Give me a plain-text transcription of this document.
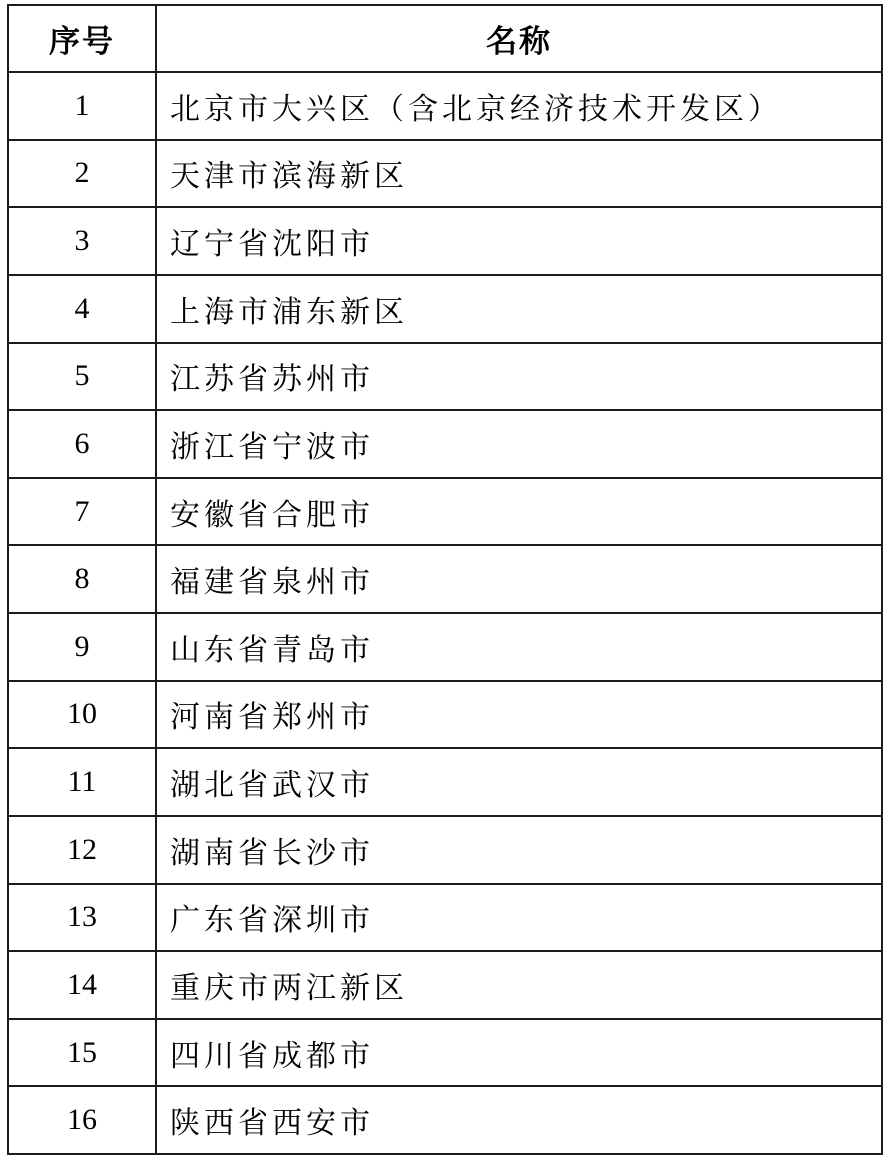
序号	名称
1	北京市大兴区（含北京经济技术开发区）
2	天津市滨海新区
3	辽宁省沈阳市
4	上海市浦东新区
5	江苏省苏州市
6	浙江省宁波市
7	安徽省合肥市
8	福建省泉州市
9	山东省青岛市
10	河南省郑州市
11	湖北省武汉市
12	湖南省长沙市
13	广东省深圳市
14	重庆市两江新区
15	四川省成都市
16	陕西省西安市
